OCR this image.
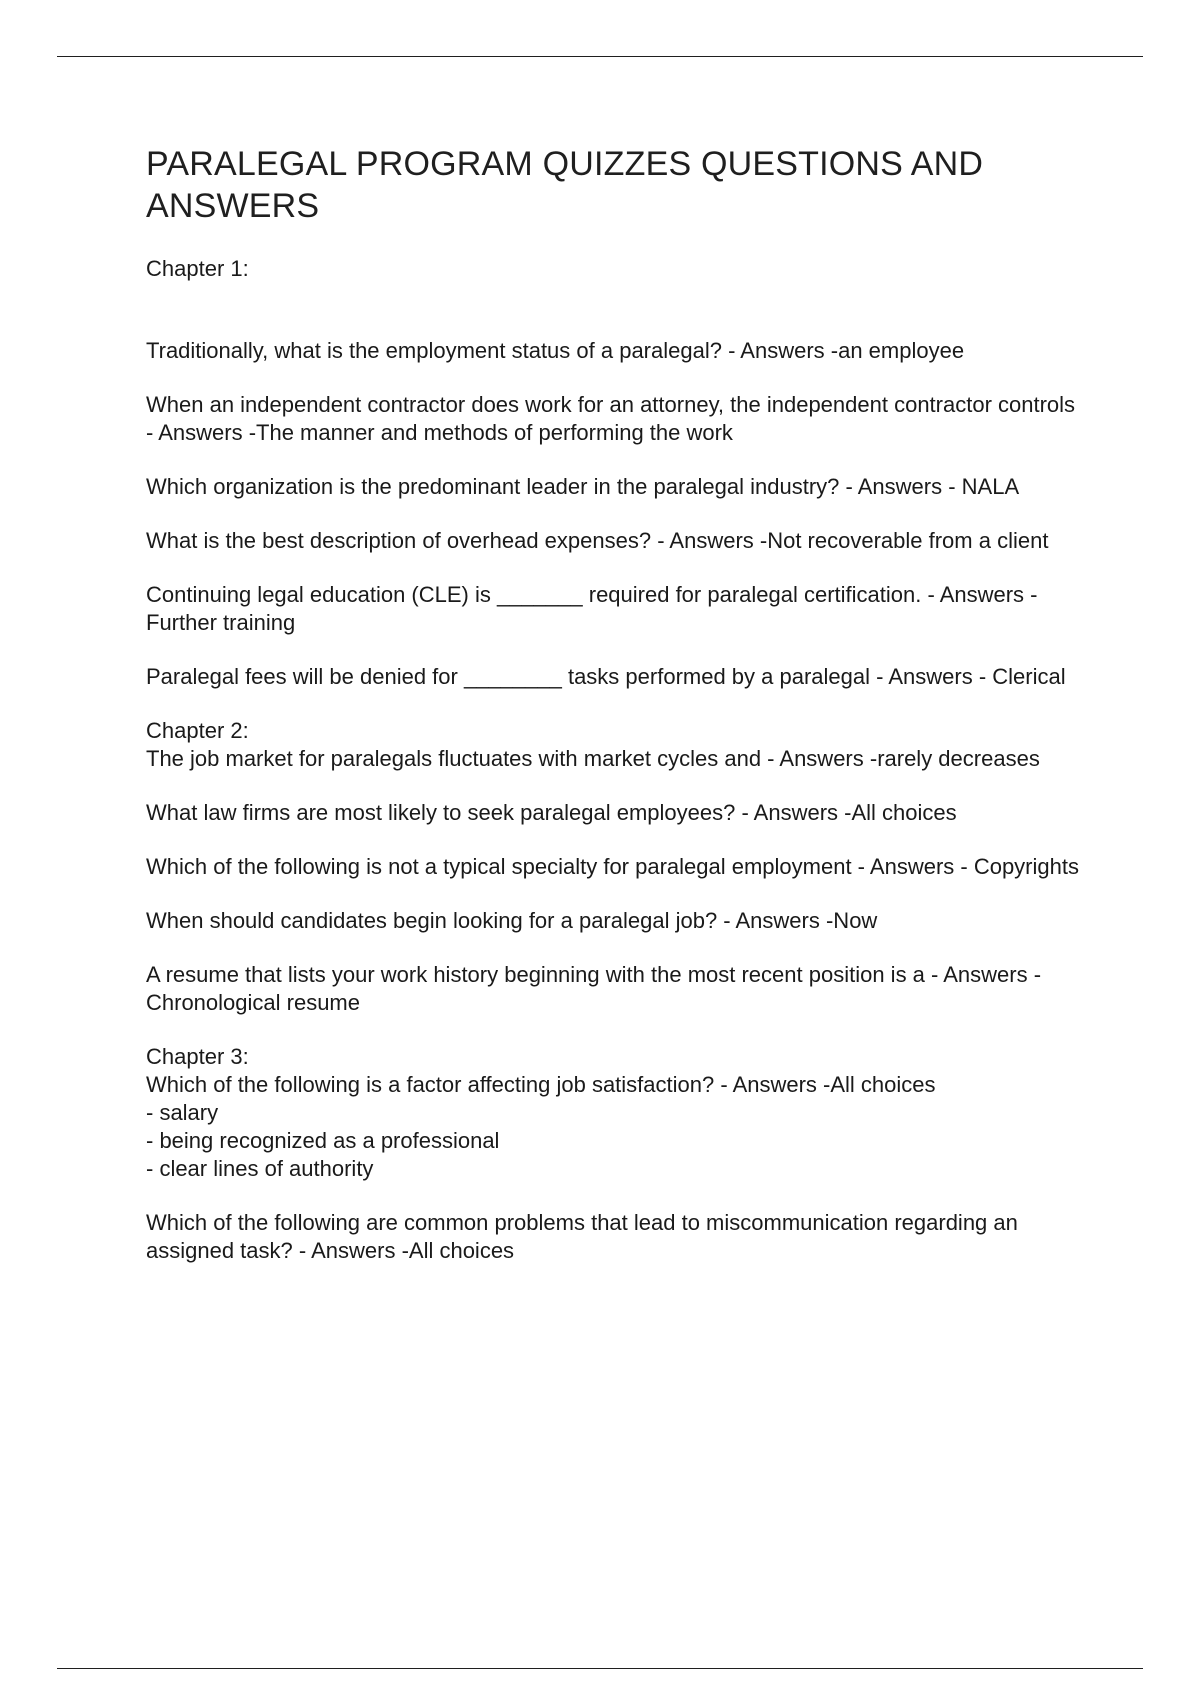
PARALEGAL PROGRAM QUIZZES QUESTIONS AND ANSWERS

Chapter 1:

Traditionally, what is the employment status of a paralegal? - Answers -an employee

When an independent contractor does work for an attorney, the independent contractor controls - Answers -The manner and methods of performing the work

Which organization is the predominant leader in the paralegal industry? - Answers - NALA

What is the best description of overhead expenses? - Answers -Not recoverable from a client

Continuing legal education (CLE) is _______ required for paralegal certification. - Answers -Further training

Paralegal fees will be denied for ________ tasks performed by a paralegal - Answers - Clerical

Chapter 2:

The job market for paralegals fluctuates with market cycles and - Answers -rarely decreases

What law firms are most likely to seek paralegal employees? - Answers -All choices

Which of the following is not a typical specialty for paralegal employment - Answers - Copyrights

When should candidates begin looking for a paralegal job? - Answers -Now

A resume that lists your work history beginning with the most recent position is a - Answers -Chronological resume

Chapter 3:

Which of the following is a factor affecting job satisfaction? - Answers -All choices

- salary
- being recognized as a professional
- clear lines of authority

Which of the following are common problems that lead to miscommunication regarding an assigned task? - Answers -All choices
